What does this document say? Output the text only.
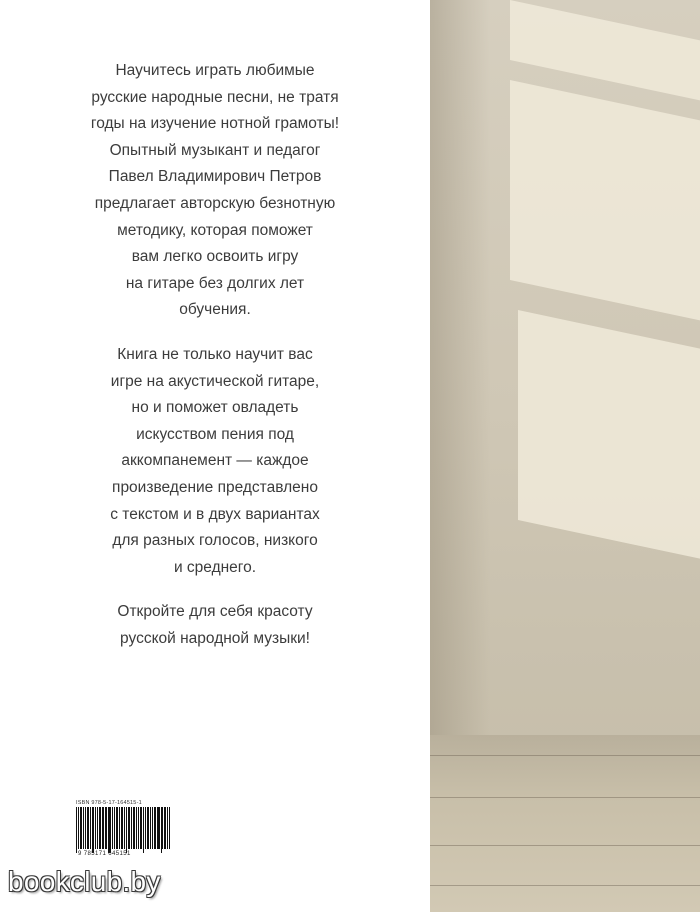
Научитесь играть любимые
русские народные песни, не тратя
годы на изучение нотной грамоты!
Опытный музыкант и педагог
Павел Владимирович Петров
предлагает авторскую безнотную
методику, которая поможет
вам легко освоить игру
на гитаре без долгих лет
обучения.
Книга не только научит вас
игре на акустической гитаре,
но и поможет овладеть
искусством пения под
аккомпанемент — каждое
произведение представлено
с текстом и в двух вариантах
для разных голосов, низкого
и среднего.
Откройте для себя красоту
русской народной музыки!
ISBN 978-5-17-164515-1
9 785171 645151
bookclub.by
